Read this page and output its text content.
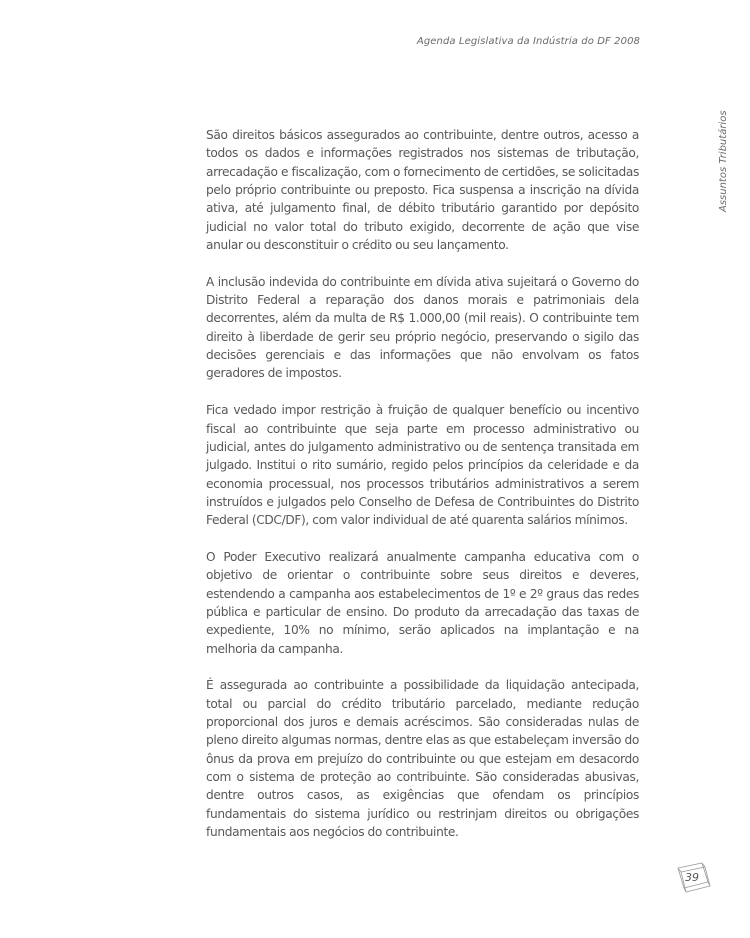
Agenda Legislativa da Indústria do DF 2008
Assuntos Tributários

São direitos básicos assegurados ao contribuinte, dentre outros, acesso a todos os dados e informações registrados nos sistemas de tributação, arrecadação e fiscalização, com o fornecimento de certidões, se solicitadas pelo próprio contribuinte ou preposto. Fica suspensa a inscrição na dívida ativa, até julgamento final, de débito tributário garantido por depósito judicial no valor total do tributo exigido, decorrente de ação que vise anular ou desconstituir o crédito ou seu lançamento.

A inclusão indevida do contribuinte em dívida ativa sujeitará o Governo do Distrito Federal a reparação dos danos morais e patrimoniais dela decorrentes, além da multa de R$ 1.000,00 (mil reais). O contribuinte tem direito à liberdade de gerir seu próprio negócio, preservando o sigilo das decisões gerenciais e das informações que não envolvam os fatos geradores de impostos.

Fica vedado impor restrição à fruição de qualquer benefício ou incentivo fiscal ao contribuinte que seja parte em processo administrativo ou judicial, antes do julgamento administrativo ou de sentença transitada em julgado. Institui o rito sumário, regido pelos princípios da celeridade e da economia processual, nos processos tributários administrativos a serem instruídos e julgados pelo Conselho de Defesa de Contribuintes do Distrito Federal (CDC/DF), com valor individual de até quarenta salários mínimos.

O Poder Executivo realizará anualmente campanha educativa com o objetivo de orientar o contribuinte sobre seus direitos e deveres, estendendo a campanha aos estabelecimentos de 1º e 2º graus das redes pública e particular de ensino. Do produto da arrecadação das taxas de expediente, 10% no mínimo, serão aplicados na implantação e na melhoria da campanha.

É assegurada ao contribuinte a possibilidade da liquidação antecipada, total ou parcial do crédito tributário parcelado, mediante redução proporcional dos juros e demais acréscimos. São consideradas nulas de pleno direito algumas normas, dentre elas as que estabeleçam inversão do ônus da prova em prejuízo do contribuinte ou que estejam em desacordo com o sistema de proteção ao contribuinte. São consideradas abusivas, dentre outros casos, as exigências que ofendam os princípios fundamentais do sistema jurídico ou restrinjam direitos ou obrigações fundamentais aos negócios do contribuinte.

39
